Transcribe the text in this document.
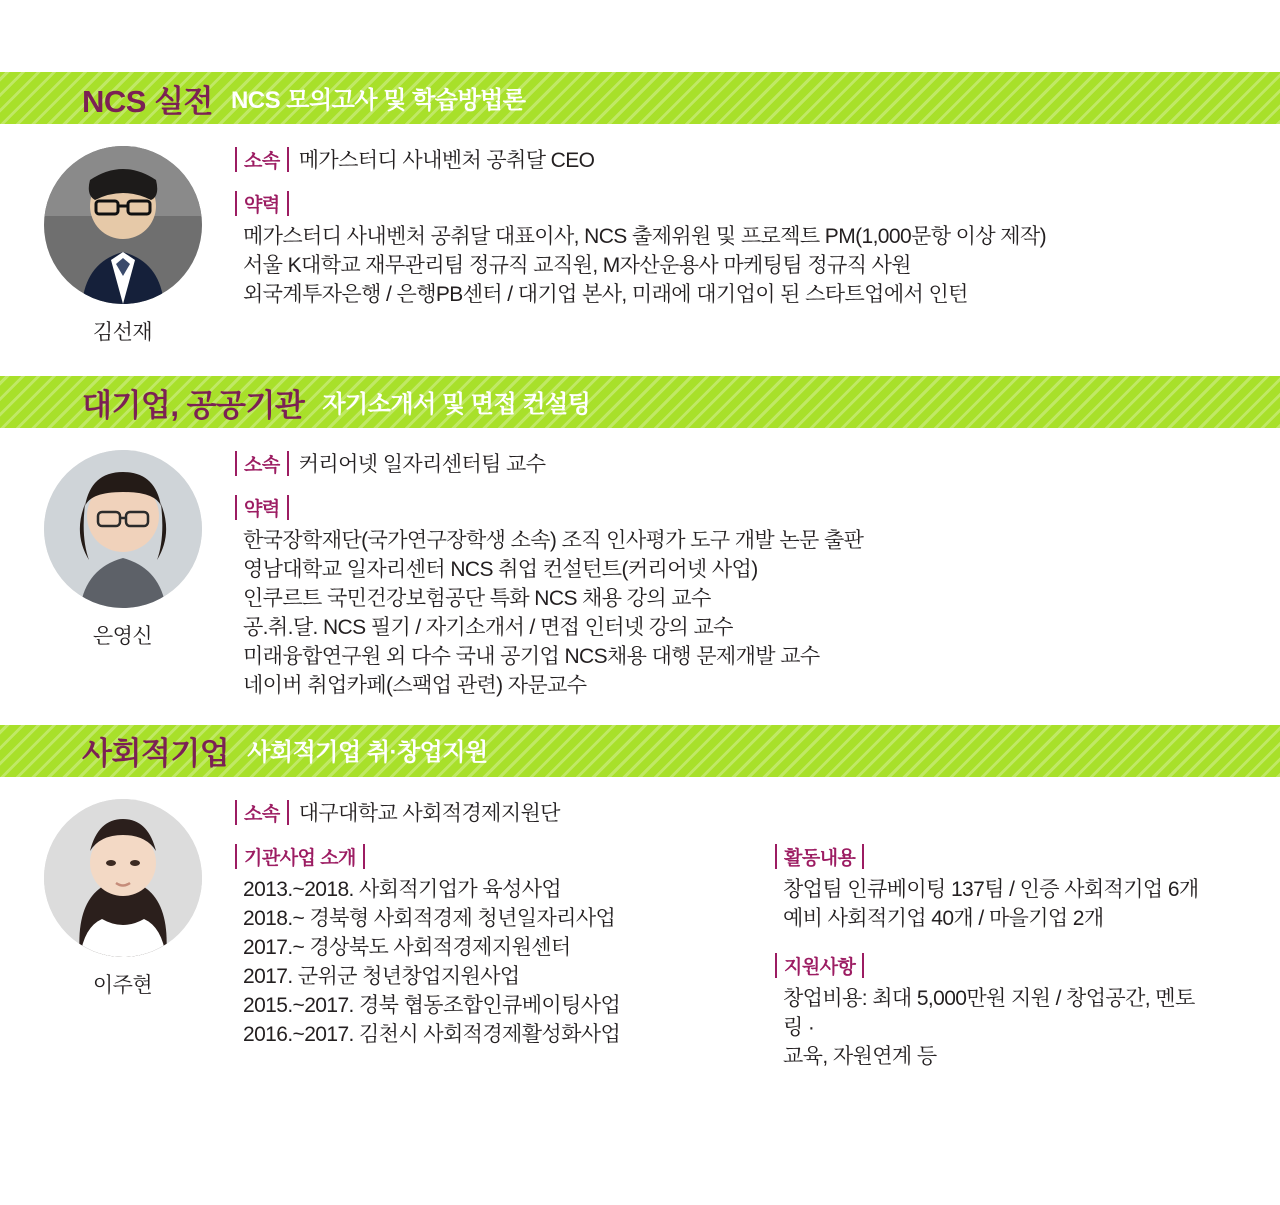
NCS 실전 NCS 모의고사 및 학습방법론
김선재
소속 메가스터디 사내벤처 공취달 CEO
약력
메가스터디 사내벤처 공취달 대표이사, NCS 출제위원 및 프로젝트 PM(1,000문항 이상 제작)
서울 K대학교 재무관리팀 정규직 교직원, M자산운용사 마케팅팀 정규직 사원
외국계투자은행 / 은행PB센터 / 대기업 본사, 미래에 대기업이 된 스타트업에서 인턴
대기업, 공공기관 자기소개서 및 면접 컨설팅
은영신
소속 커리어넷 일자리센터팀 교수
약력
한국장학재단(국가연구장학생 소속) 조직 인사평가 도구 개발 논문 출판
영남대학교 일자리센터 NCS 취업 컨설턴트(커리어넷 사업)
인쿠르트 국민건강보험공단 특화 NCS 채용 강의 교수
공.취.달. NCS 필기 / 자기소개서 / 면접 인터넷 강의 교수
미래융합연구원 외 다수 국내 공기업 NCS채용 대행 문제개발 교수
네이버 취업카페(스팩업 관련) 자문교수
사회적기업 사회적기업 취·창업지원
이주현
소속 대구대학교 사회적경제지원단
기관사업 소개
2013.~2018. 사회적기업가 육성사업
2018.~ 경북형 사회적경제 청년일자리사업
2017.~ 경상북도 사회적경제지원센터
2017. 군위군 청년창업지원사업
2015.~2017. 경북 협동조합인큐베이팅사업
2016.~2017. 김천시 사회적경제활성화사업
활동내용
창업팀 인큐베이팅 137팀 / 인증 사회적기업 6개
예비 사회적기업 40개 / 마을기업 2개
지원사항
창업비용: 최대 5,000만원 지원 / 창업공간, 멘토링 ·
교육, 자원연계 등
